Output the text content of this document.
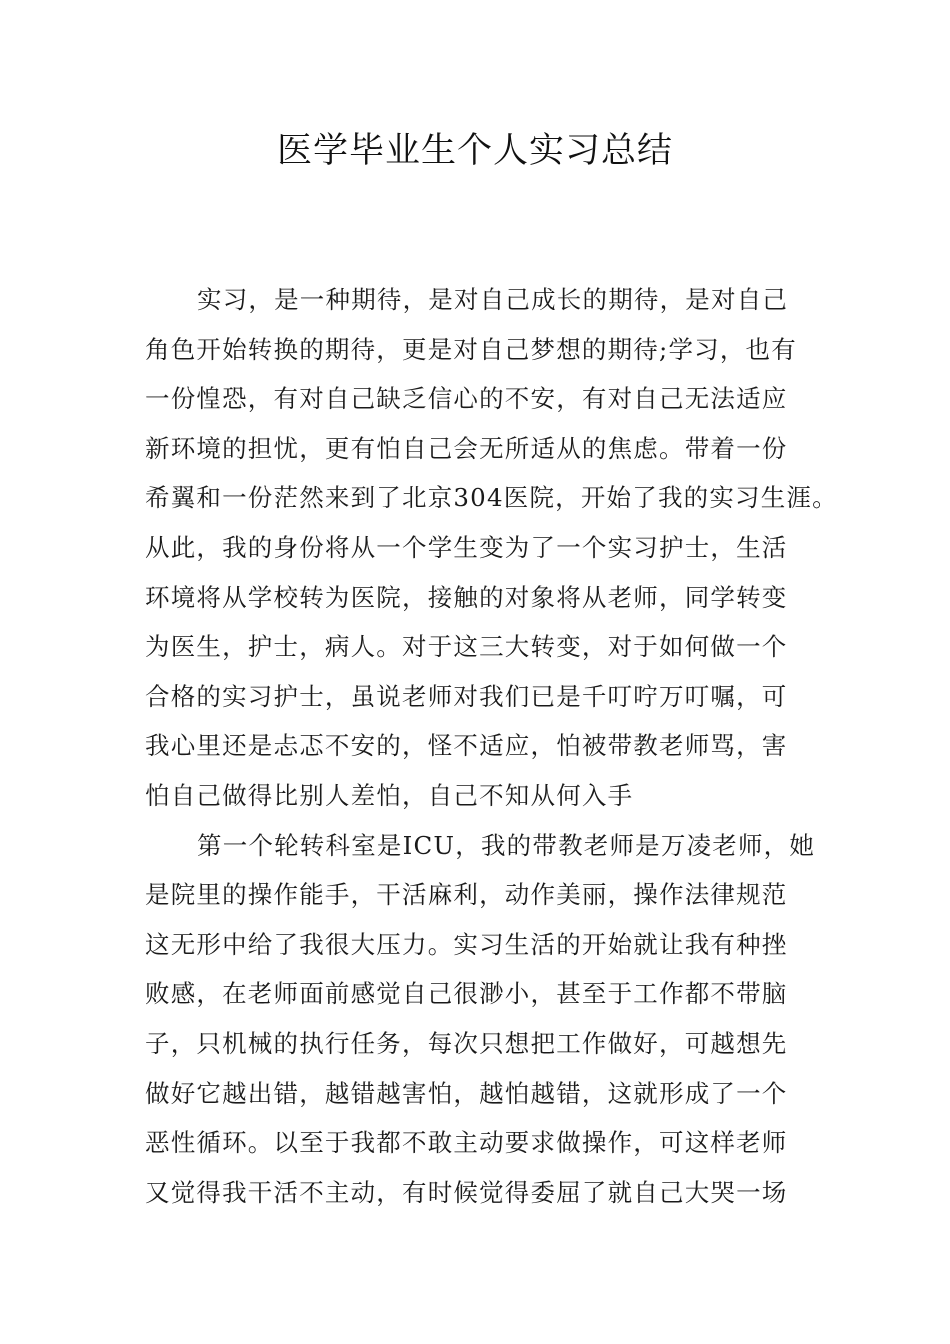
医学毕业生个人实习总结
实习，是一种期待，是对自己成长的期待，是对自己
角色开始转换的期待，更是对自己梦想的期待;学习，也有
一份惶恐，有对自己缺乏信心的不安，有对自己无法适应
新环境的担忧，更有怕自己会无所适从的焦虑。带着一份
希翼和一份茫然来到了北京304医院，开始了我的实习生涯。
从此，我的身份将从一个学生变为了一个实习护士，生活
环境将从学校转为医院，接触的对象将从老师，同学转变
为医生，护士，病人。对于这三大转变，对于如何做一个
合格的实习护士，虽说老师对我们已是千叮咛万叮嘱，可
我心里还是忐忑不安的，怪不适应，怕被带教老师骂，害
怕自己做得比别人差怕，自己不知从何入手
第一个轮转科室是ICU，我的带教老师是万凌老师，她
是院里的操作能手，干活麻利，动作美丽，操作法律规范
这无形中给了我很大压力。实习生活的开始就让我有种挫
败感，在老师面前感觉自己很渺小，甚至于工作都不带脑
子，只机械的执行任务，每次只想把工作做好，可越想先
做好它越出错，越错越害怕，越怕越错，这就形成了一个
恶性循环。以至于我都不敢主动要求做操作，可这样老师
又觉得我干活不主动，有时候觉得委屈了就自己大哭一场
